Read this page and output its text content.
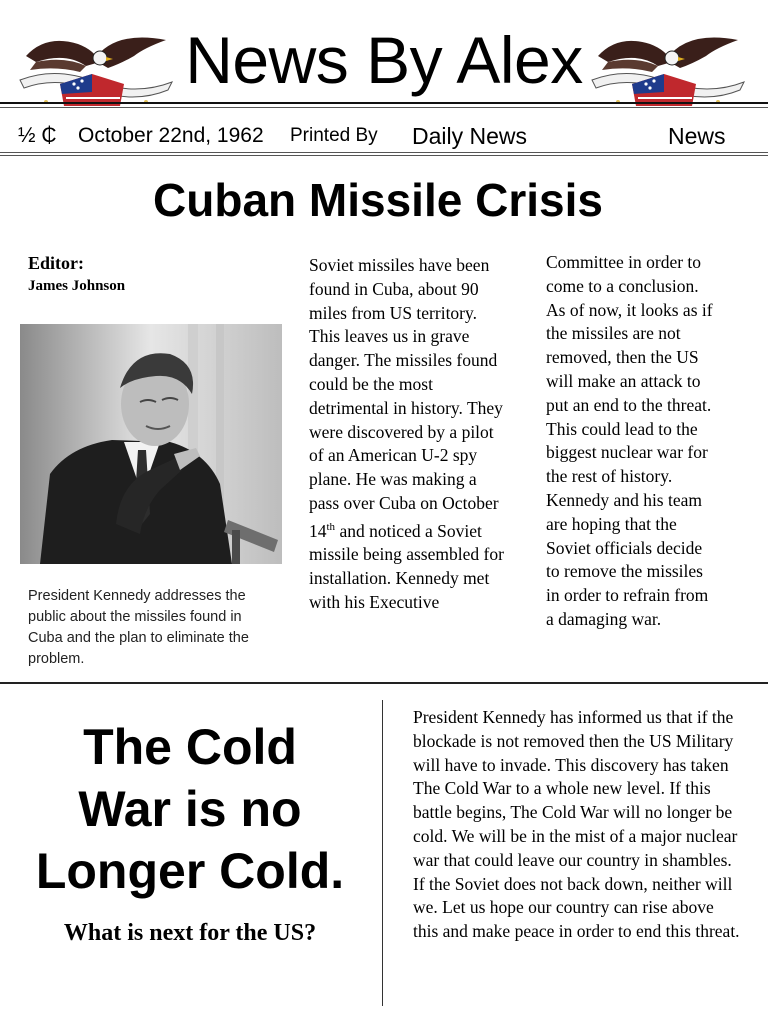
News By Alex
½ ₵ October 22nd, 1962 Printed By Daily News	News
Cuban Missile Crisis
Editor:
James Johnson
President Kennedy addresses the public about the missiles found in Cuba and the plan to eliminate the problem.
Soviet missiles have been found in Cuba, about 90 miles from US territory. This leaves us in grave danger. The missiles found could be the most detrimental in history. They were discovered by a pilot of an American U-2 spy plane. He was making a pass over Cuba on October 14th and noticed a Soviet missile being assembled for installation. Kennedy met with his Executive
Committee in order to
come to a conclusion.
As of now, it looks as if
the missiles are not
removed, then the US
will make an attack to
put an end to the threat.
This could lead to the
biggest nuclear war for
the rest of history.
Kennedy and his team
are hoping that the
Soviet officials decide
to remove the missiles
in order to refrain from
a damaging war.
The Cold
War is no
Longer Cold.
What is next for the US?
President Kennedy has informed us that if the blockade is not removed then the US Military will have to invade. This discovery has taken The Cold War to a whole new level. If this battle begins, The Cold War will no longer be cold. We will be in the mist of a major nuclear war that could leave our country in shambles. If the Soviet does not back down, neither will we. Let us hope our country can rise above this and make peace in order to end this threat.
